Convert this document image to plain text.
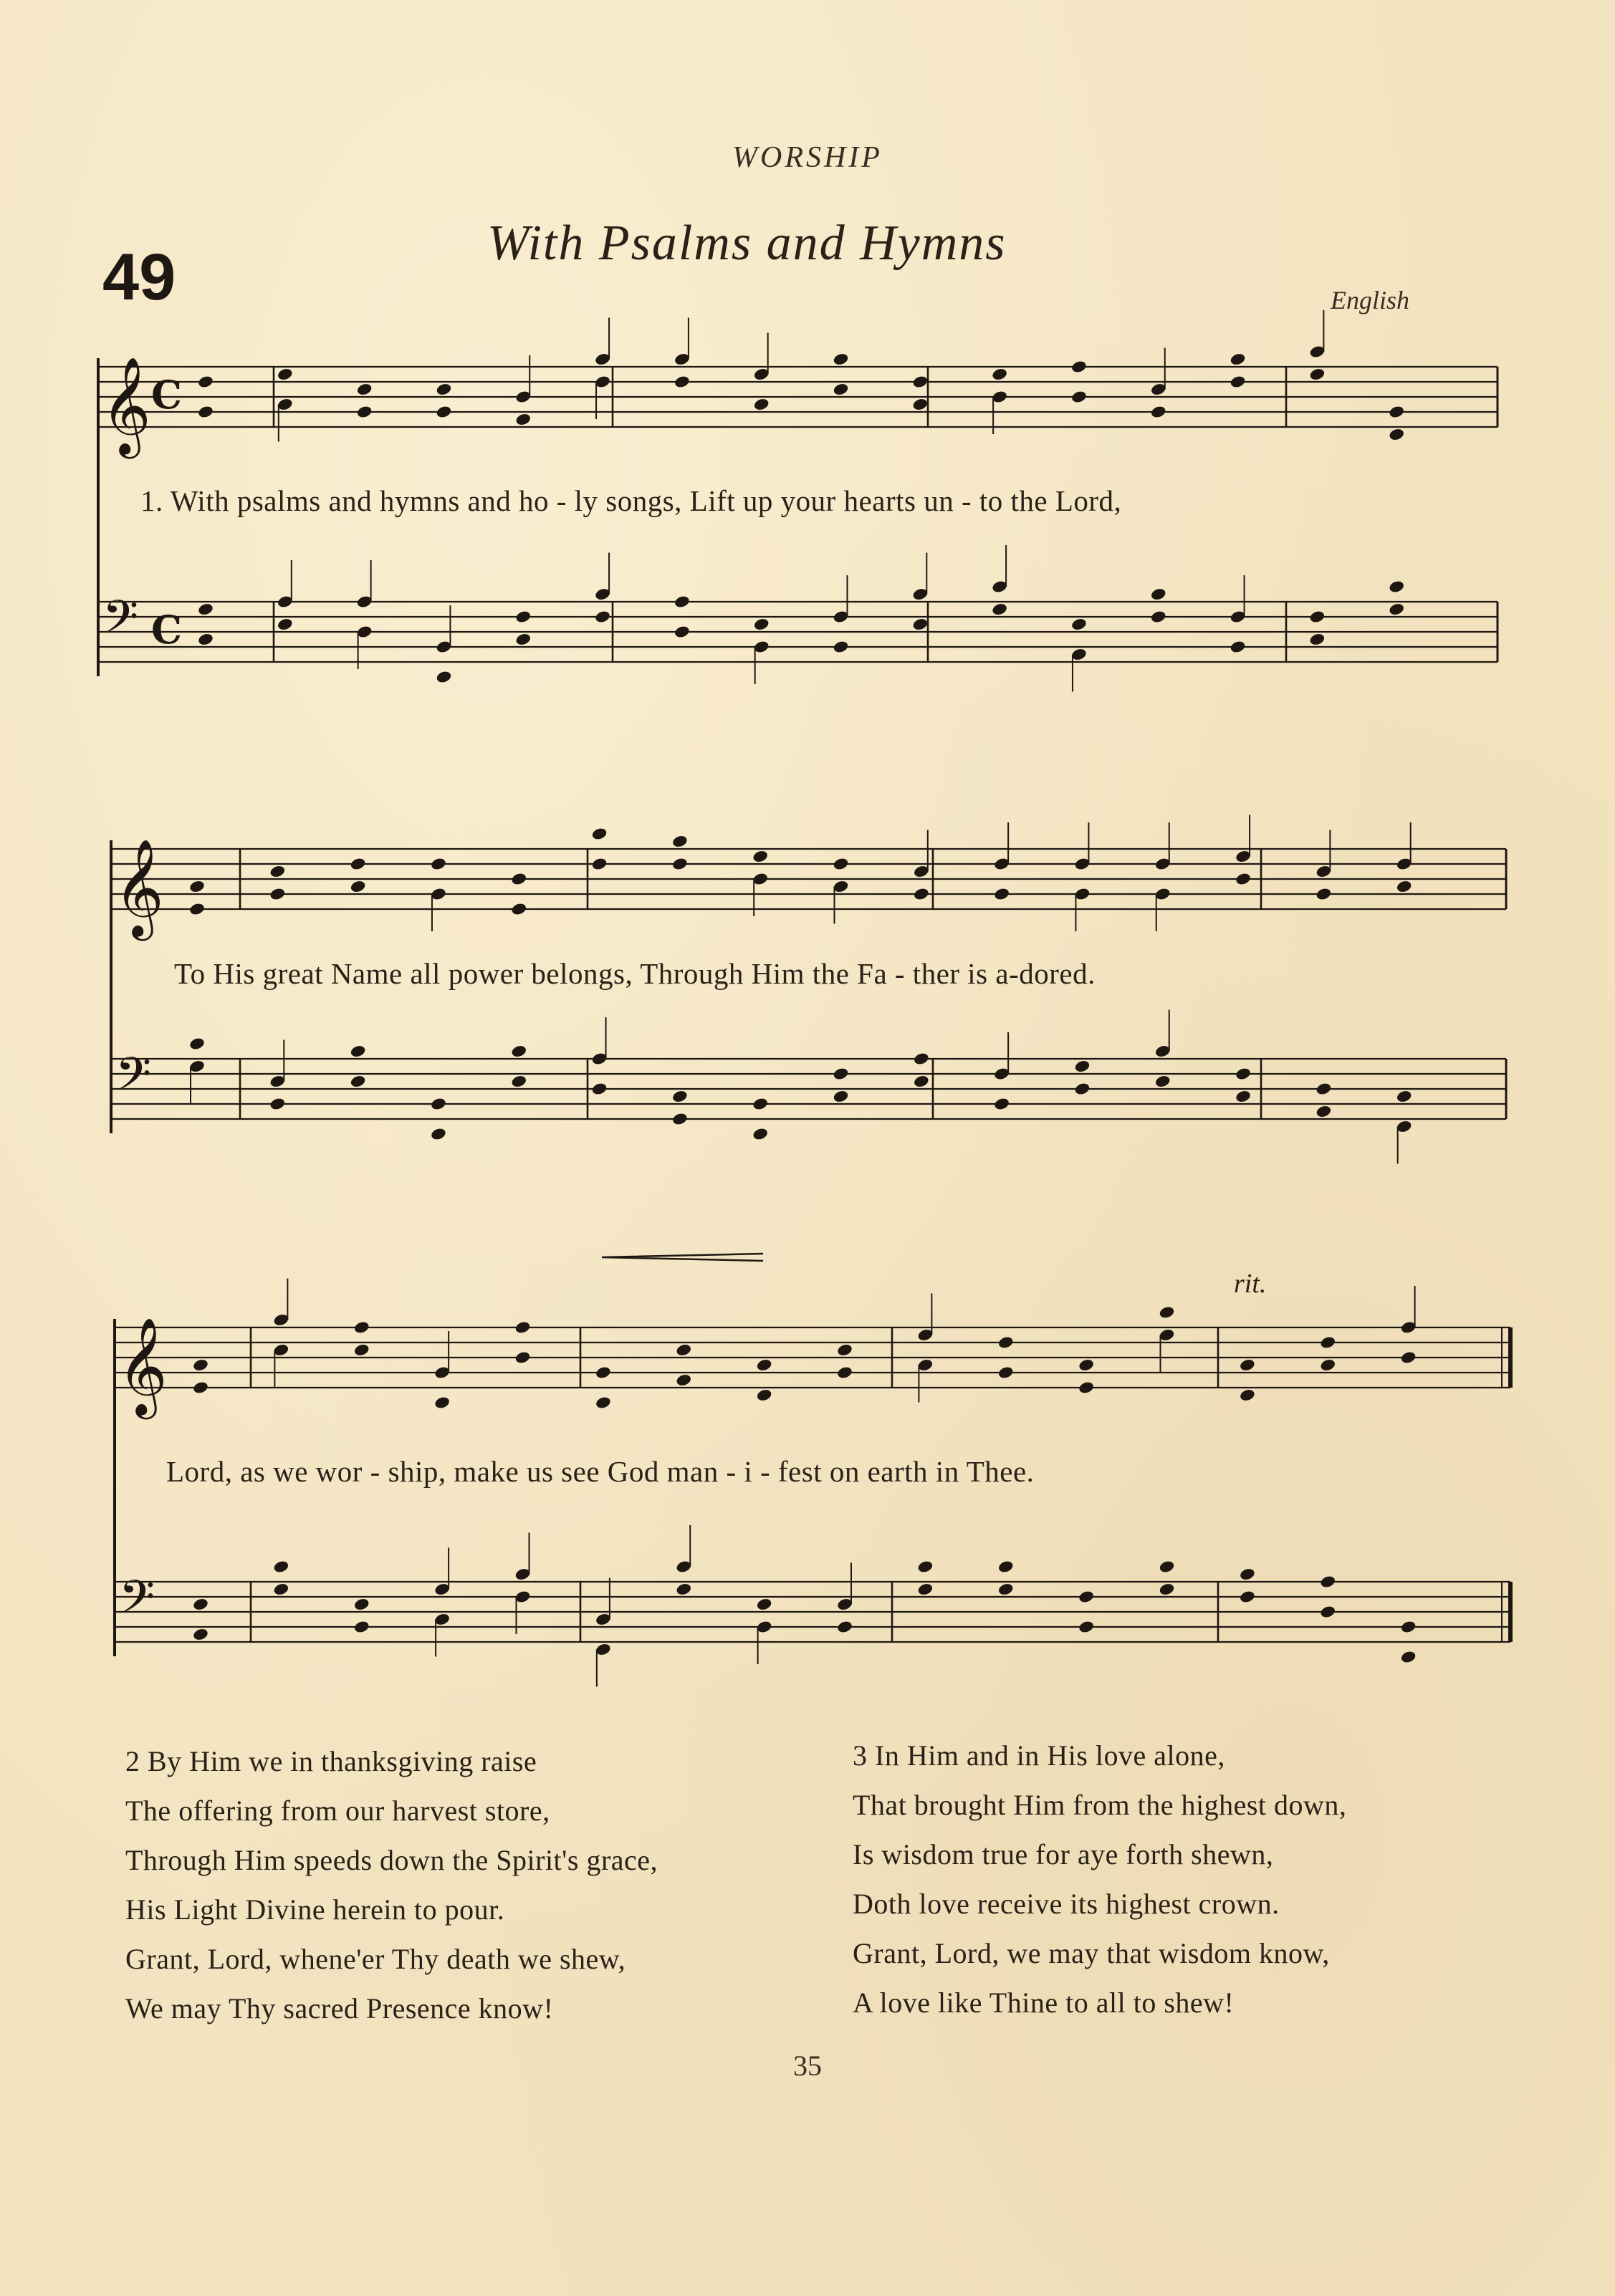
WORSHIP
49	With Psalms and Hymns
English
𝄞 C
𝄢 C
𝄞
𝄢
𝄞
𝄢
1. With psalms and hymns and ho - ly songs, Lift up your hearts un - to the Lord,
To His great Name all power belongs, Through Him the Fa - ther is a-dored.
Lord, as we wor - ship, make us see God man - i - fest on earth in Thee.
rit.
2 By Him we in thanksgiving raise
The offering from our harvest store,
Through Him speeds down the Spirit's grace,
His Light Divine herein to pour.
Grant, Lord, whene'er Thy death we shew,
We may Thy sacred Presence know!
3 In Him and in His love alone,
That brought Him from the highest down,
Is wisdom true for aye forth shewn,
Doth love receive its highest crown.
Grant, Lord, we may that wisdom know,
A love like Thine to all to shew!
35
